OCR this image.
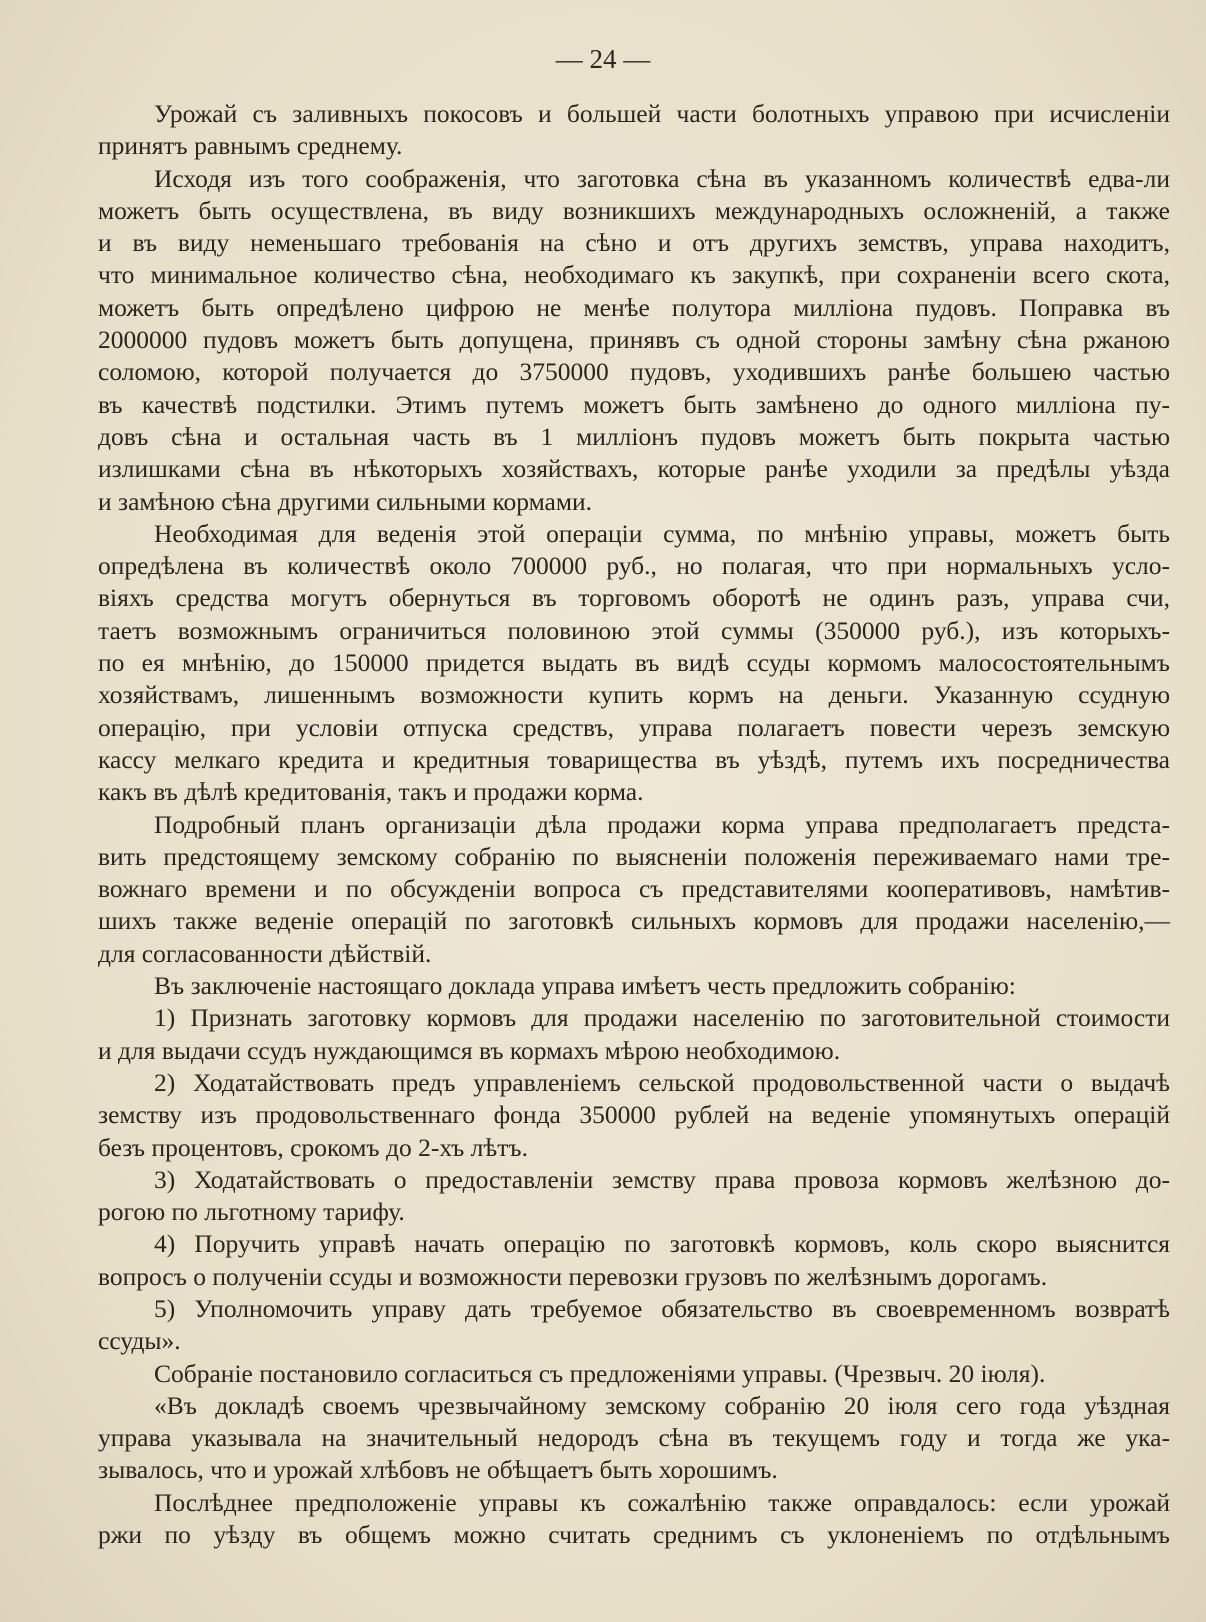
— 24 —
Урожай съ заливныхъ покосовъ и большей части болотныхъ управою при исчисленіи
принятъ равнымъ среднему.
Исходя изъ того соображенія, что заготовка сѣна въ указанномъ количествѣ едва-ли
можетъ быть осуществлена, въ виду возникшихъ международныхъ осложненій, а также
и въ виду неменьшаго требованія на сѣно и отъ другихъ земствъ, управа находитъ,
что минимальное количество сѣна, необходимаго къ закупкѣ, при сохраненіи всего скота,
можетъ быть опредѣлено цифрою не менѣе полутора милліона пудовъ. Поправка въ
2000000 пудовъ можетъ быть допущена, принявъ съ одной стороны замѣну сѣна ржаною
соломою, которой получается до 3750000 пудовъ, уходившихъ ранѣе большею частью
въ качествѣ подстилки. Этимъ путемъ можетъ быть замѣнено до одного милліона пу-
довъ сѣна и остальная часть въ 1 милліонъ пудовъ можетъ быть покрыта частью
излишками сѣна въ нѣкоторыхъ хозяйствахъ, которые ранѣе уходили за предѣлы уѣзда
и замѣною сѣна другими сильными кормами.
Необходимая для веденія этой операціи сумма, по мнѣнію управы, можетъ быть
опредѣлена въ количествѣ около 700000 руб., но полагая, что при нормальныхъ усло-
віяхъ средства могутъ обернуться въ торговомъ оборотѣ не одинъ разъ, управа счи,
таетъ возможнымъ ограничиться половиною этой суммы (350000 руб.), изъ которыхъ-
по ея мнѣнію, до 150000 придется выдать въ видѣ ссуды кормомъ малосостоятельнымъ
хозяйствамъ, лишеннымъ возможности купить кормъ на деньги. Указанную ссудную
операцію, при условіи отпуска средствъ, управа полагаетъ повести черезъ земскую
кассу мелкаго кредита и кредитныя товарищества въ уѣздѣ, путемъ ихъ посредничества
какъ въ дѣлѣ кредитованія, такъ и продажи корма.
Подробный планъ организаціи дѣла продажи корма управа предполагаетъ предста-
вить предстоящему земскому собранію по выясненіи положенія переживаемаго нами тре-
вожнаго времени и по обсужденіи вопроса съ представителями кооперативовъ, намѣтив-
шихъ также веденіе операцій по заготовкѣ сильныхъ кормовъ для продажи населенію,—
для согласованности дѣйствій.
Въ заключеніе настоящаго доклада управа имѣетъ честь предложить собранію:
1) Признать заготовку кормовъ для продажи населенію по заготовительной стоимости
и для выдачи ссудъ нуждающимся въ кормахъ мѣрою необходимою.
2) Ходатайствовать предъ управленіемъ сельской продовольственной части о выдачѣ
земству изъ продовольственнаго фонда 350000 рублей на веденіе упомянутыхъ операцій
безъ процентовъ, срокомъ до 2-хъ лѣтъ.
3) Ходатайствовать о предоставленіи земству права провоза кормовъ желѣзною до-
рогою по льготному тарифу.
4) Поручить управѣ начать операцію по заготовкѣ кормовъ, коль скоро выяснится
вопросъ о полученіи ссуды и возможности перевозки грузовъ по желѣзнымъ дорогамъ.
5) Уполномочить управу дать требуемое обязательство въ своевременномъ возвратѣ
ссуды».
Собраніе постановило согласиться съ предложеніями управы. (Чрезвыч. 20 іюля).
«Въ докладѣ своемъ чрезвычайному земскому собранію 20 іюля сего года уѣздная
управа указывала на значительный недородъ сѣна въ текущемъ году и тогда же ука-
зывалось, что и урожай хлѣбовъ не обѣщаетъ быть хорошимъ.
Послѣднее предположеніе управы къ сожалѣнію также оправдалось: если урожай
ржи по уѣзду въ общемъ можно считать среднимъ съ уклоненіемъ по отдѣльнымъ
